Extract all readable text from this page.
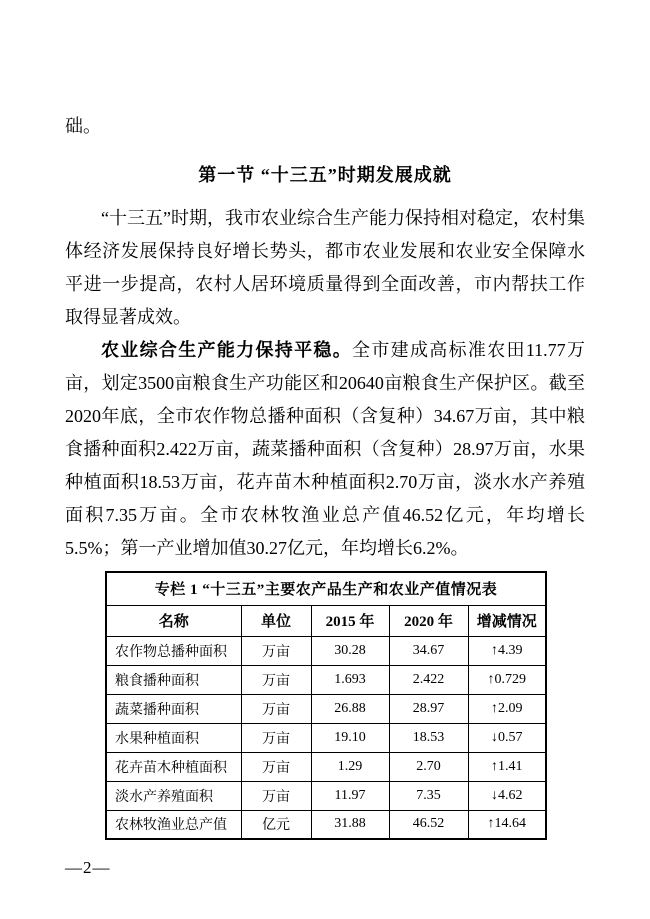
础。
第一节 “十三五”时期发展成就

“十三五”时期，我市农业综合生产能力保持相对稳定，农村集体经济发展保持良好增长势头，都市农业发展和农业安全保障水平进一步提高，农村人居环境质量得到全面改善，市内帮扶工作取得显著成效。

农业综合生产能力保持平稳。全市建成高标准农田11.77万亩，划定3500亩粮食生产功能区和20640亩粮食生产保护区。截至2020年底，全市农作物总播种面积（含复种）34.67万亩，其中粮食播种面积2.422万亩，蔬菜播种面积（含复种）28.97万亩，水果种植面积18.53万亩，花卉苗木种植面积2.70万亩，淡水水产养殖面积7.35万亩。全市农林牧渔业总产值46.52亿元，年均增长5.5%；第一产业增加值30.27亿元，年均增长6.2%。

专栏 1 “十三五”主要农产品生产和农业产值情况表				
名称	单位	2015 年	2020 年	增减情况
农作物总播种面积	万亩	30.28	34.67	↑4.39
粮食播种面积	万亩	1.693	2.422	↑0.729
蔬菜播种面积	万亩	26.88	28.97	↑2.09
水果种植面积	万亩	19.10	18.53	↓0.57
花卉苗木种植面积	万亩	1.29	2.70	↑1.41
淡水产养殖面积	万亩	11.97	7.35	↓4.62
农林牧渔业总产值	亿元	31.88	46.52	↑14.64
—2—
